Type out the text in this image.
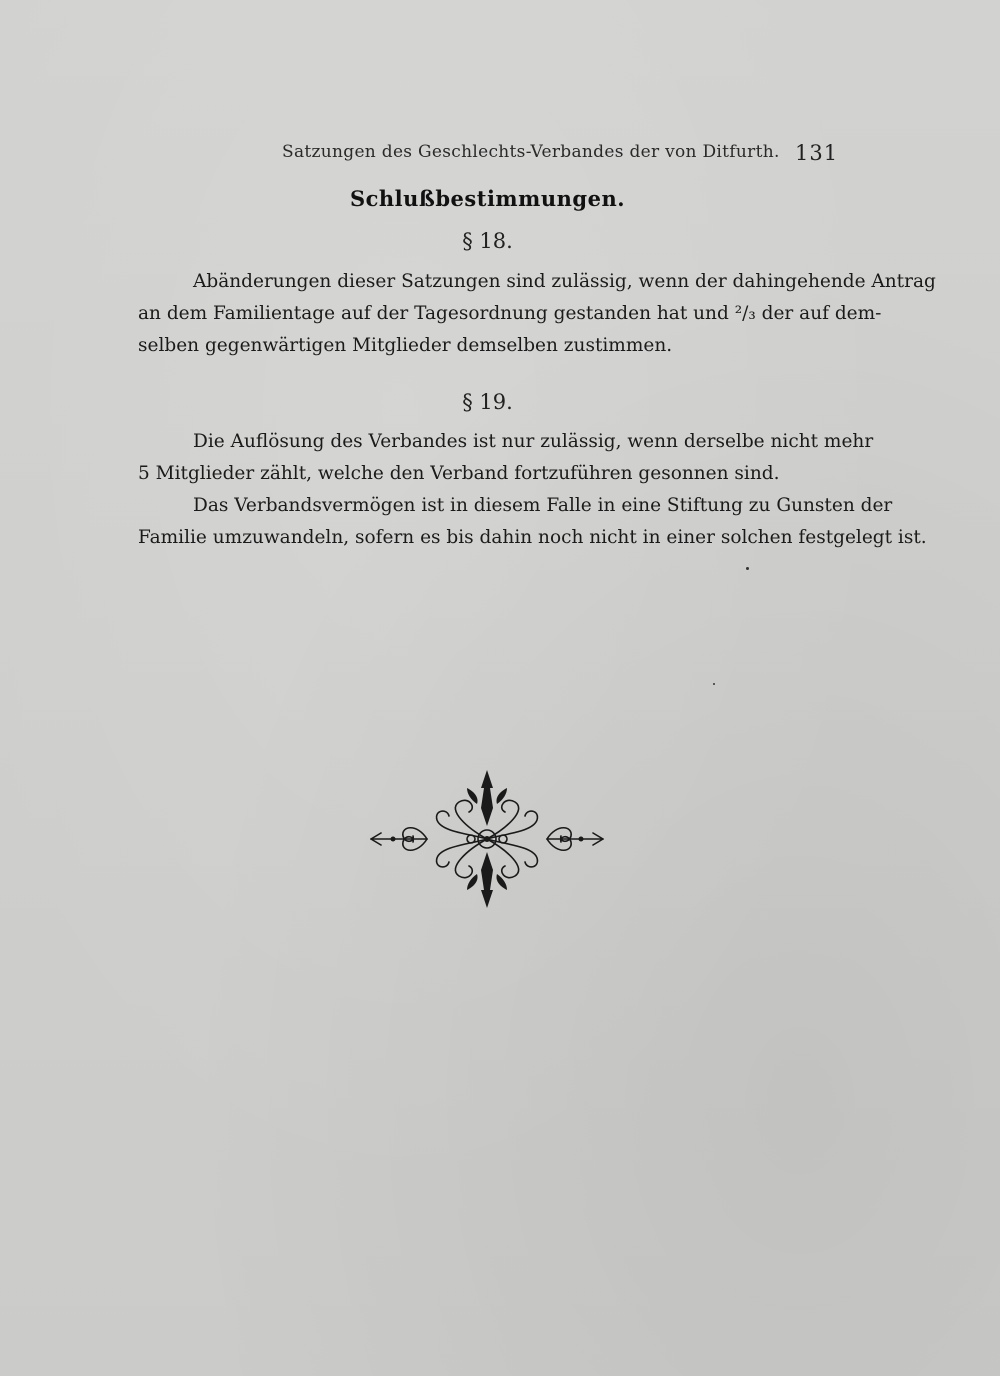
Satzungen des Geschlechts-Verbandes der von Ditfurth. 131
Schlußbestimmungen.
§ 18.
Abänderungen dieser Satzungen sind zulässig, wenn der dahingehende Antrag
an dem Familientage auf der Tagesordnung gestanden hat und ²/₃ der auf dem-
selben gegenwärtigen Mitglieder demselben zustimmen.
§ 19.
Die Auflösung des Verbandes ist nur zulässig, wenn derselbe nicht mehr
5 Mitglieder zählt, welche den Verband fortzuführen gesonnen sind.
Das Verbandsvermögen ist in diesem Falle in eine Stiftung zu Gunsten der
Familie umzuwandeln, sofern es bis dahin noch nicht in einer solchen festgelegt ist.
